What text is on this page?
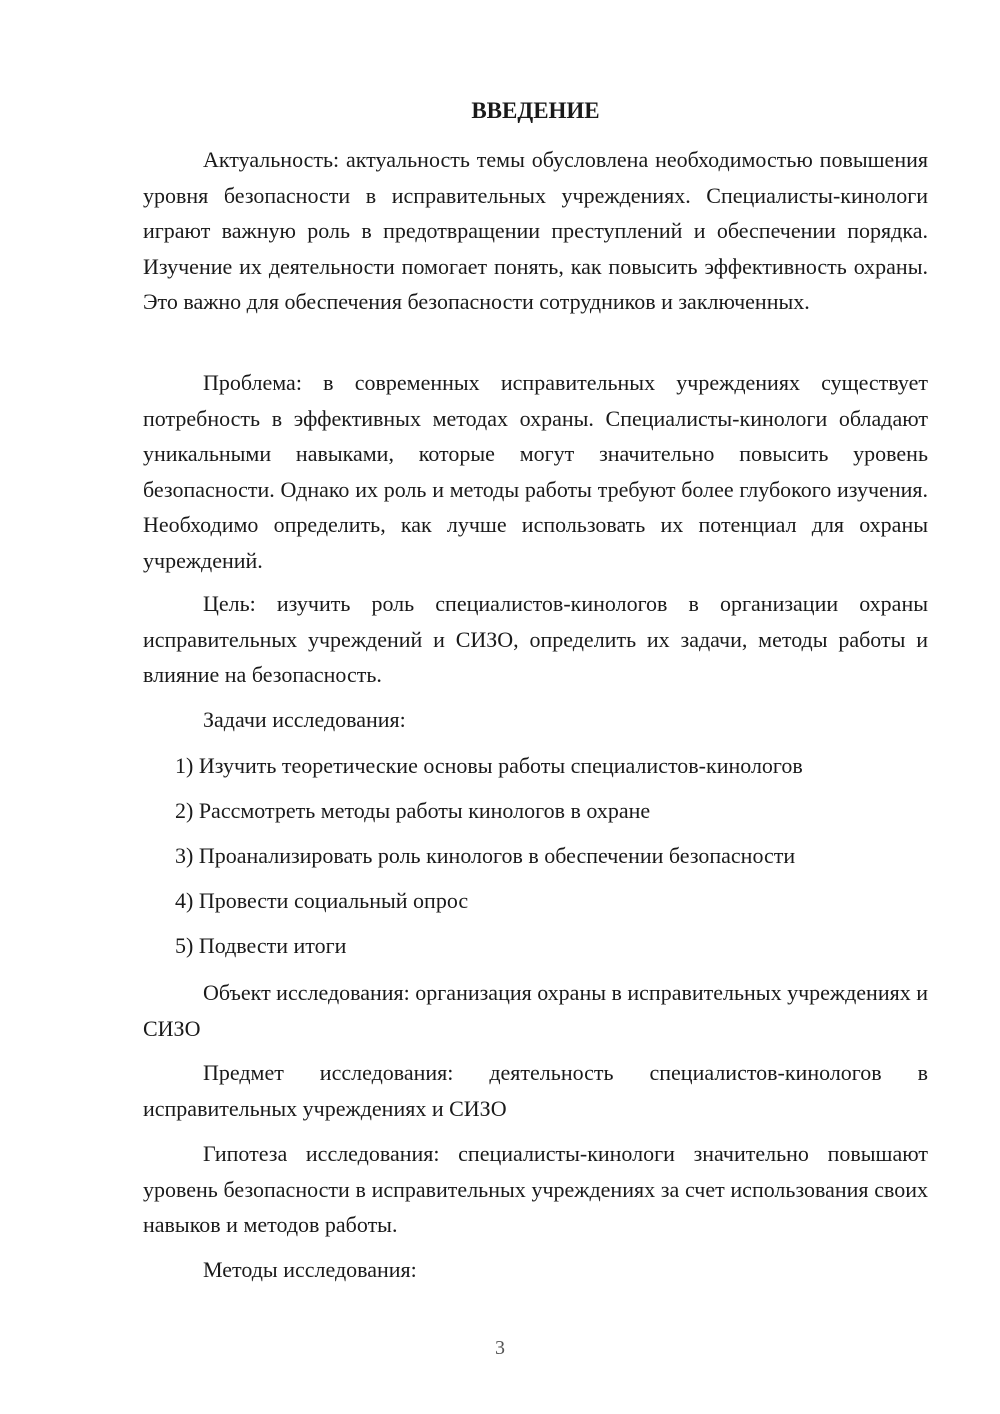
ВВЕДЕНИЕ

Актуальность: актуальность темы обусловлена необходимостью повышения уровня безопасности в исправительных учреждениях. Специалисты-кинологи играют важную роль в предотвращении преступлений и обеспечении порядка. Изучение их деятельности помогает понять, как повысить эффективность охраны. Это важно для обеспечения безопасности сотрудников и заключенных.

Проблема: в современных исправительных учреждениях существует потребность в эффективных методах охраны. Специалисты-кинологи обладают уникальными навыками, которые могут значительно повысить уровень безопасности. Однако их роль и методы работы требуют более глубокого изучения. Необходимо определить, как лучше использовать их потенциал для охраны учреждений.

Цель: изучить роль специалистов-кинологов в организации охраны исправительных учреждений и СИЗО, определить их задачи, методы работы и влияние на безопасность.

Задачи исследования:

1) Изучить теоретические основы работы специалистов-кинологов

2) Рассмотреть методы работы кинологов в охране

3) Проанализировать роль кинологов в обеспечении безопасности

4) Провести социальный опрос

5) Подвести итоги

Объект исследования: организация охраны в исправительных учреждениях и СИЗО

Предмет исследования: деятельность специалистов-кинологов в исправительных учреждениях и СИЗО

Гипотеза исследования: специалисты-кинологи значительно повышают уровень безопасности в исправительных учреждениях за счет использования своих навыков и методов работы.

Методы исследования:

3
